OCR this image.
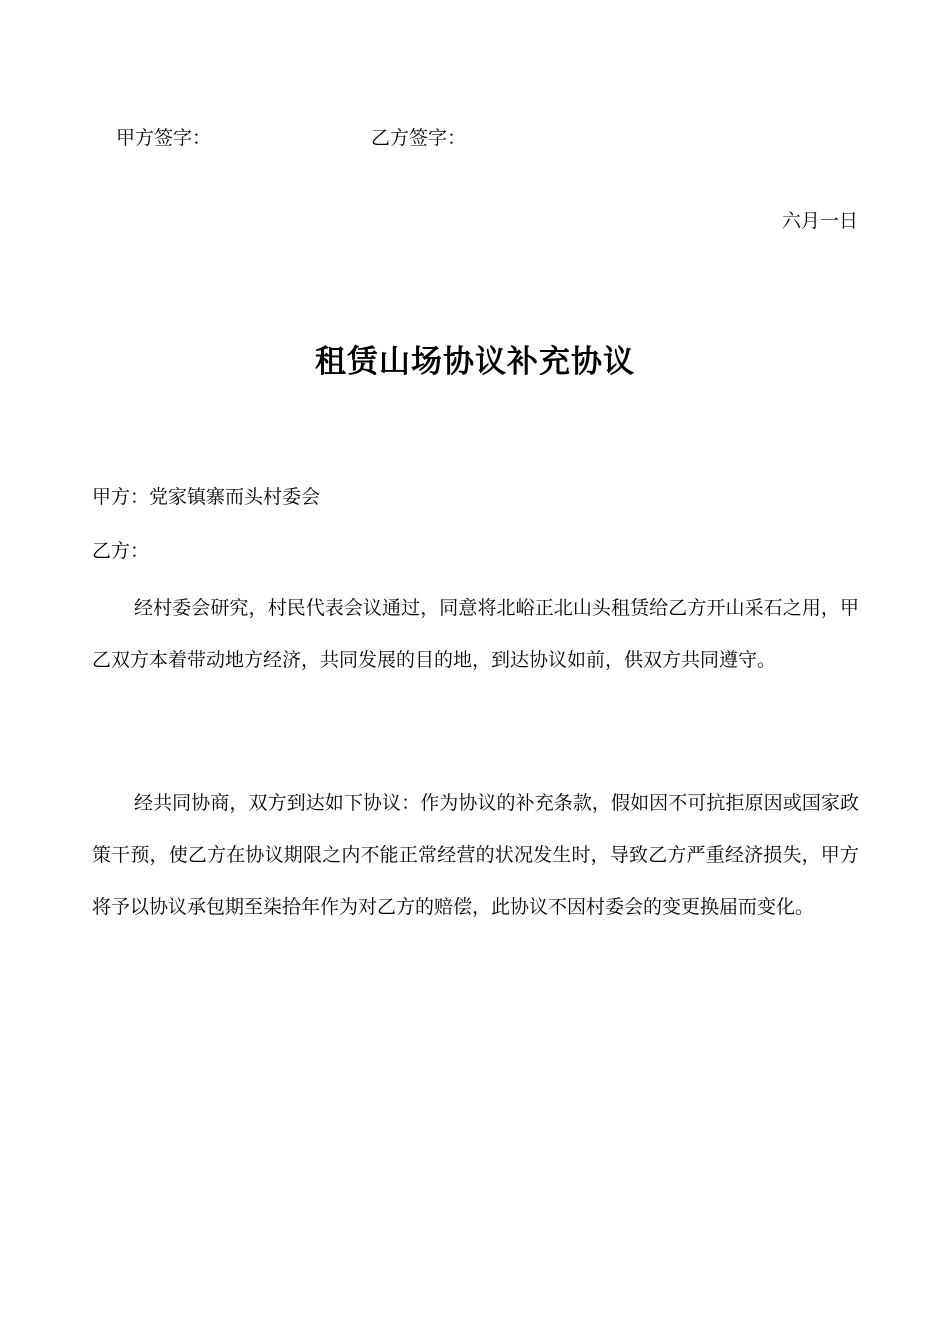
甲方签字：	乙方签字：
六月一日
租赁山场协议补充协议
甲方：党家镇寨而头村委会
乙方：

经村委会研究，村民代表会议通过，同意将北峪正北山头租赁给乙方开山采石之用，甲乙双方本着带动地方经济，共同发展的目的地，到达协议如前，供双方共同遵守。

经共同协商，双方到达如下协议：作为协议的补充条款，假如因不可抗拒原因或国家政策干预，使乙方在协议期限之内不能正常经营的状况发生时，导致乙方严重经济损失，甲方将予以协议承包期至柒拾年作为对乙方的赔偿，此协议不因村委会的变更换届而变化。
